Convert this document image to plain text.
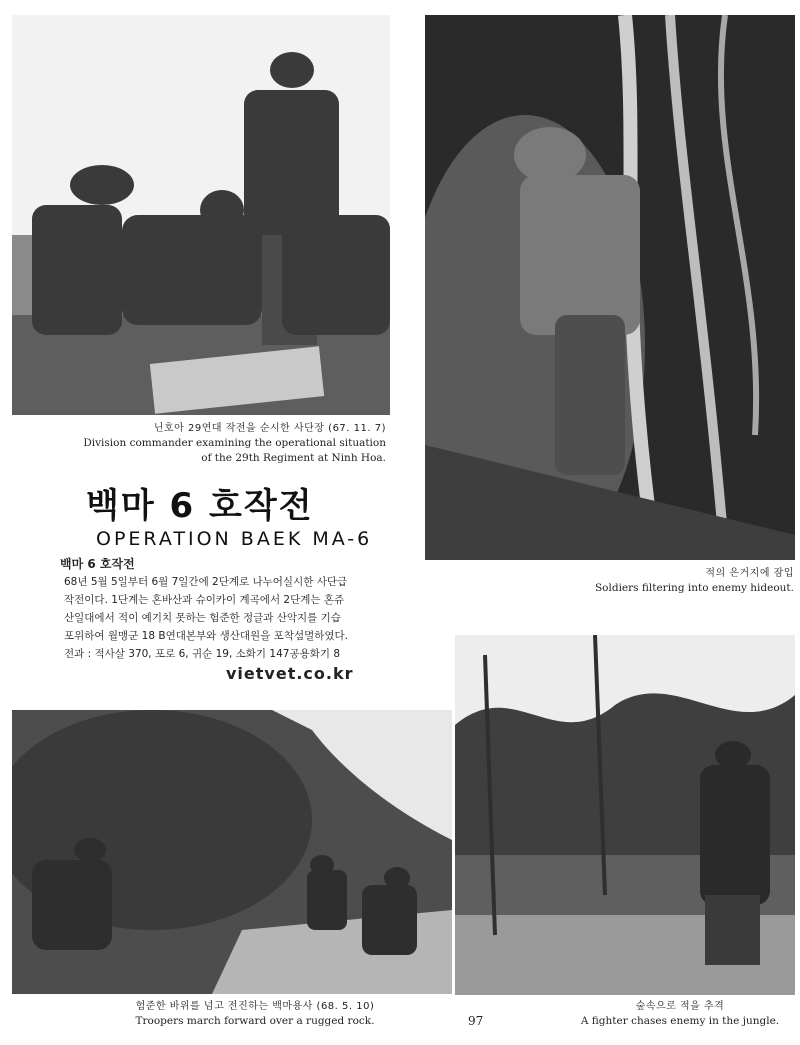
닌호아 29연대 작전을 순시한 사단장 (67. 11. 7)
Division commander examining the operational situation
of the 29th Regiment at Ninh Hoa.
적의 은거지에 잠입
Soldiers filtering into enemy hideout.
험준한 바위를 넘고 전진하는 백마용사 (68. 5. 10)
Troopers march forward over a rugged rock.
숲속으로 적을 추격
A fighter chases enemy in the jungle.
백마 6 호작전
OPERATION BAEK MA-6
백마 6 호작전

68년 5월 5일부터 6월 7일간에 2단계로 나누어실시한 사단급

작전이다. 1단계는 혼바산과 슈이카이 계곡에서 2단계는 혼쥬

산일대에서 적이 예기치 못하는 험준한 정글과 산악지를 기습

포위하여 월맹군 18 B연대본부와 생산대원을 포착섬멸하였다.

전과 : 적사살 370, 포로 6, 귀순 19, 소화기 147공용화기 8

vietvet.co.kr
97
